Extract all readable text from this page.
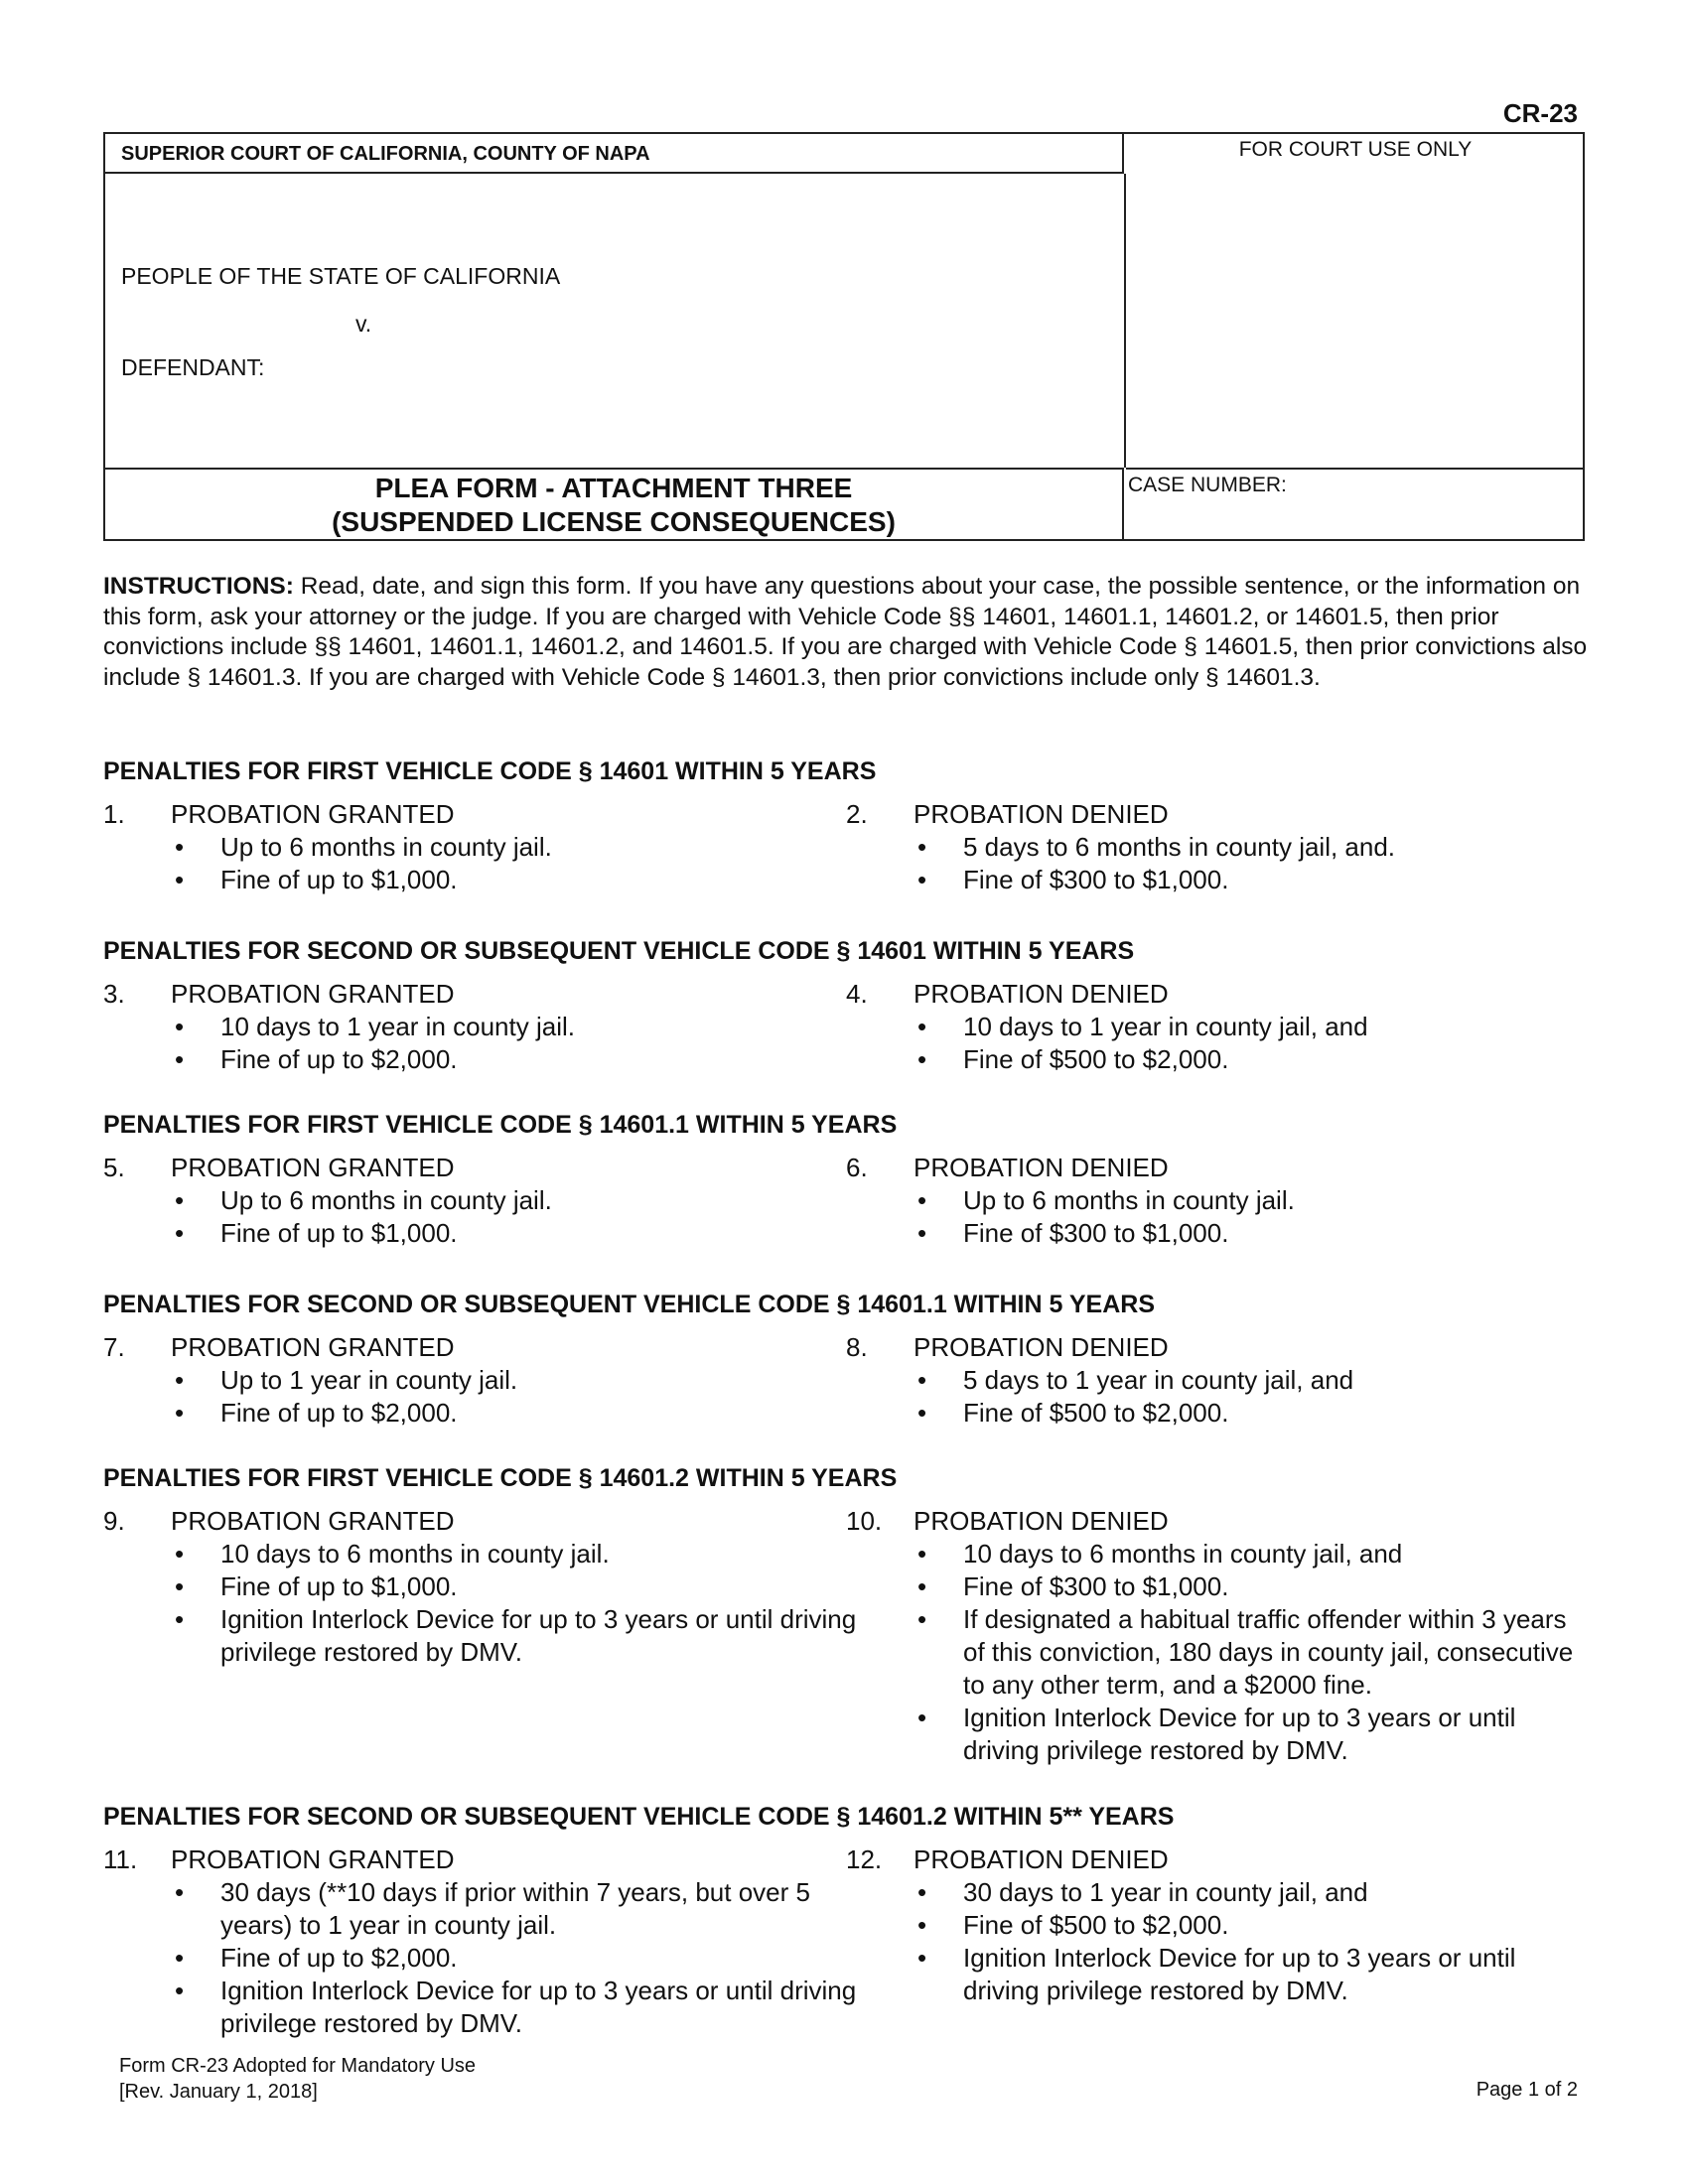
CR-23
SUPERIOR COURT OF CALIFORNIA, COUNTY OF NAPA	FOR COURT USE ONLY
PEOPLE OF THE STATE OF CALIFORNIA
v.
DEFENDANT:
PLEA FORM - ATTACHMENT THREE
(SUSPENDED LICENSE CONSEQUENCES)
CASE NUMBER:
INSTRUCTIONS: Read, date, and sign this form. If you have any questions about your case, the possible sentence, or the information on this form, ask your attorney or the judge. If you are charged with Vehicle Code §§ 14601, 14601.1, 14601.2, or 14601.5, then prior convictions include §§ 14601, 14601.1, 14601.2, and 14601.5. If you are charged with Vehicle Code § 14601.5, then prior convictions also include § 14601.3. If you are charged with Vehicle Code § 14601.3, then prior convictions include only § 14601.3.
PENALTIES FOR FIRST VEHICLE CODE § 14601 WITHIN 5 YEARS
1. PROBATION GRANTED
• Up to 6 months in county jail.
• Fine of up to $1,000.
2. PROBATION DENIED
• 5 days to 6 months in county jail, and.
• Fine of $300 to $1,000.
PENALTIES FOR SECOND OR SUBSEQUENT VEHICLE CODE § 14601 WITHIN 5 YEARS
3. PROBATION GRANTED
• 10 days to 1 year in county jail.
• Fine of up to $2,000.
4. PROBATION DENIED
• 10 days to 1 year in county jail, and
• Fine of $500 to $2,000.
PENALTIES FOR FIRST VEHICLE CODE § 14601.1 WITHIN 5 YEARS
5. PROBATION GRANTED
• Up to 6 months in county jail.
• Fine of up to $1,000.
6. PROBATION DENIED
• Up to 6 months in county jail.
• Fine of $300 to $1,000.
PENALTIES FOR SECOND OR SUBSEQUENT VEHICLE CODE § 14601.1 WITHIN 5 YEARS
7. PROBATION GRANTED
• Up to 1 year in county jail.
• Fine of up to $2,000.
8. PROBATION DENIED
• 5 days to 1 year in county jail, and
• Fine of $500 to $2,000.
PENALTIES FOR FIRST VEHICLE CODE § 14601.2 WITHIN 5 YEARS
9. PROBATION GRANTED
• 10 days to 6 months in county jail.
• Fine of up to $1,000.
• Ignition Interlock Device for up to 3 years or until driving privilege restored by DMV.
10. PROBATION DENIED
• 10 days to 6 months in county jail, and
• Fine of $300 to $1,000.
• If designated a habitual traffic offender within 3 years of this conviction, 180 days in county jail, consecutive to any other term, and a $2000 fine.
• Ignition Interlock Device for up to 3 years or until driving privilege restored by DMV.
PENALTIES FOR SECOND OR SUBSEQUENT VEHICLE CODE § 14601.2 WITHIN 5** YEARS
11. PROBATION GRANTED
• 30 days (**10 days if prior within 7 years, but over 5 years) to 1 year in county jail.
• Fine of up to $2,000.
• Ignition Interlock Device for up to 3 years or until driving privilege restored by DMV.
12. PROBATION DENIED
• 30 days to 1 year in county jail, and
• Fine of $500 to $2,000.
• Ignition Interlock Device for up to 3 years or until driving privilege restored by DMV.
Form CR-23 Adopted for Mandatory Use
[Rev. January 1, 2018]	Page 1 of 2
